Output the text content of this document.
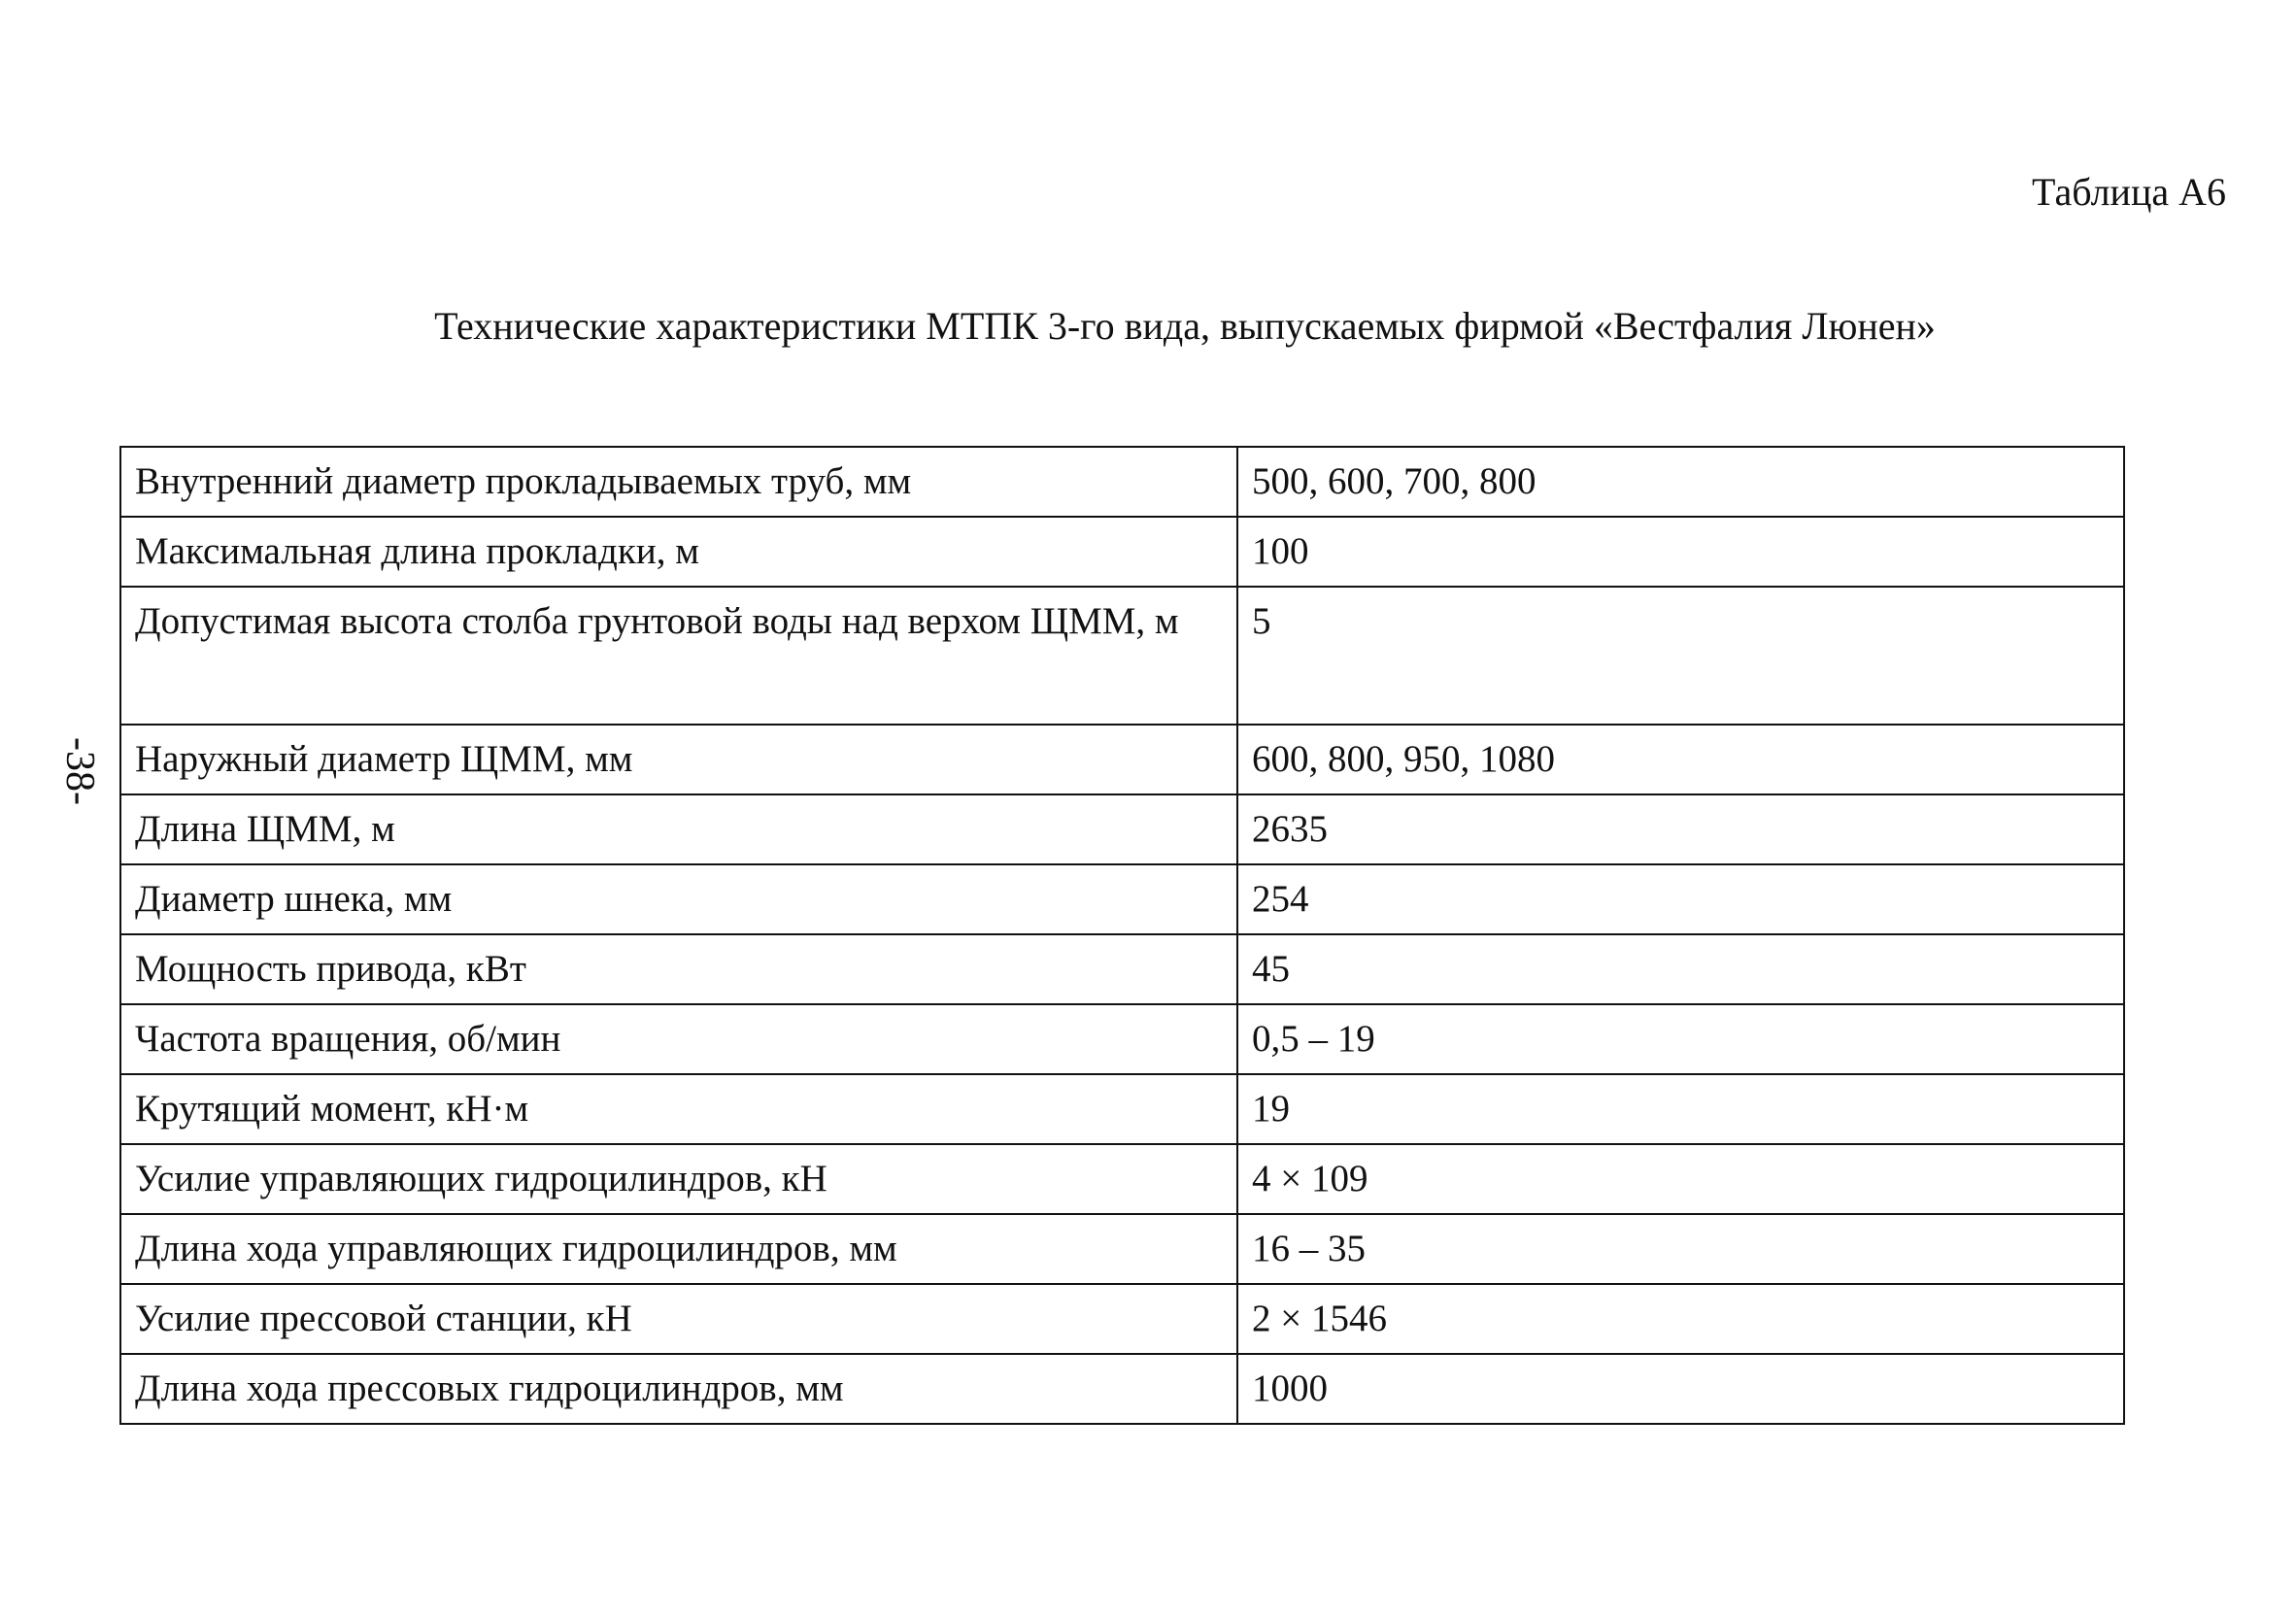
Таблица А6
Технические характеристики МТПК 3-го вида, выпускаемых фирмой «Вестфалия Люнен»
-38-
Внутренний диаметр прокладываемых труб, мм	500, 600, 700, 800
Максимальная длина прокладки, м	100
Допустимая высота столба грунтовой воды над верхом ЩММ, м	5
Наружный диаметр ЩММ, мм	600, 800, 950, 1080
Длина ЩММ, м	2635
Диаметр шнека, мм	254
Мощность привода, кВт	45
Частота вращения, об/мин	0,5 – 19
Крутящий момент, кН·м	19
Усилие управляющих гидроцилиндров, кН	4 × 109
Длина хода управляющих гидроцилиндров, мм	16 – 35
Усилие прессовой станции, кН	2 × 1546
Длина хода прессовых гидроцилиндров, мм	1000
